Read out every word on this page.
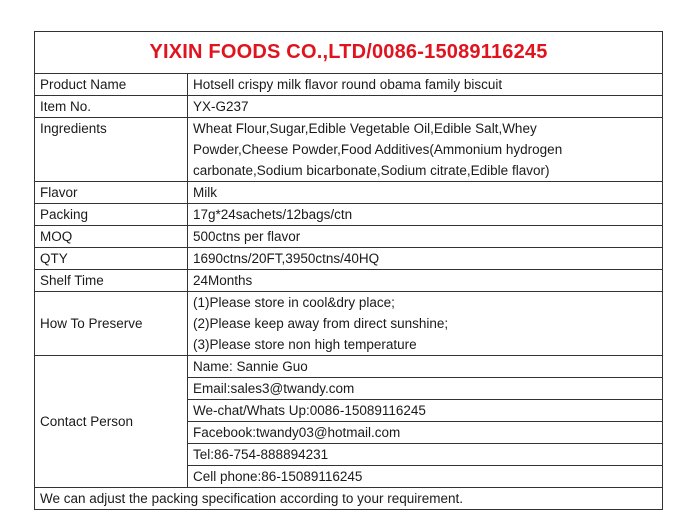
YIXIN FOODS CO.,LTD/0086-15089116245	
Product Name	Hotsell crispy milk flavor round obama family biscuit
Item No.	YX-G237
Ingredients	Wheat Flour,Sugar,Edible Vegetable Oil,Edible Salt,Whey
Powder,Cheese Powder,Food Additives(Ammonium hydrogen
carbonate,Sodium bicarbonate,Sodium citrate,Edible flavor)

Flavor	Milk
Packing	17g*24sachets/12bags/ctn
MOQ	500ctns per flavor
QTY	1690ctns/20FT,3950ctns/40HQ
Shelf Time	24Months
How To Preserve	(1)Please store in cool&dry place;
(2)Please keep away from direct sunshine;
(3)Please store non high temperature

Contact Person	Name: Sannie Guo
	Email:sales3@twandy.com
	We-chat/Whats Up:0086-15089116245
	Facebook:twandy03@hotmail.com
	Tel:86-754-888894231
	Cell phone:86-15089116245
We can adjust the packing specification according to your requirement.	
